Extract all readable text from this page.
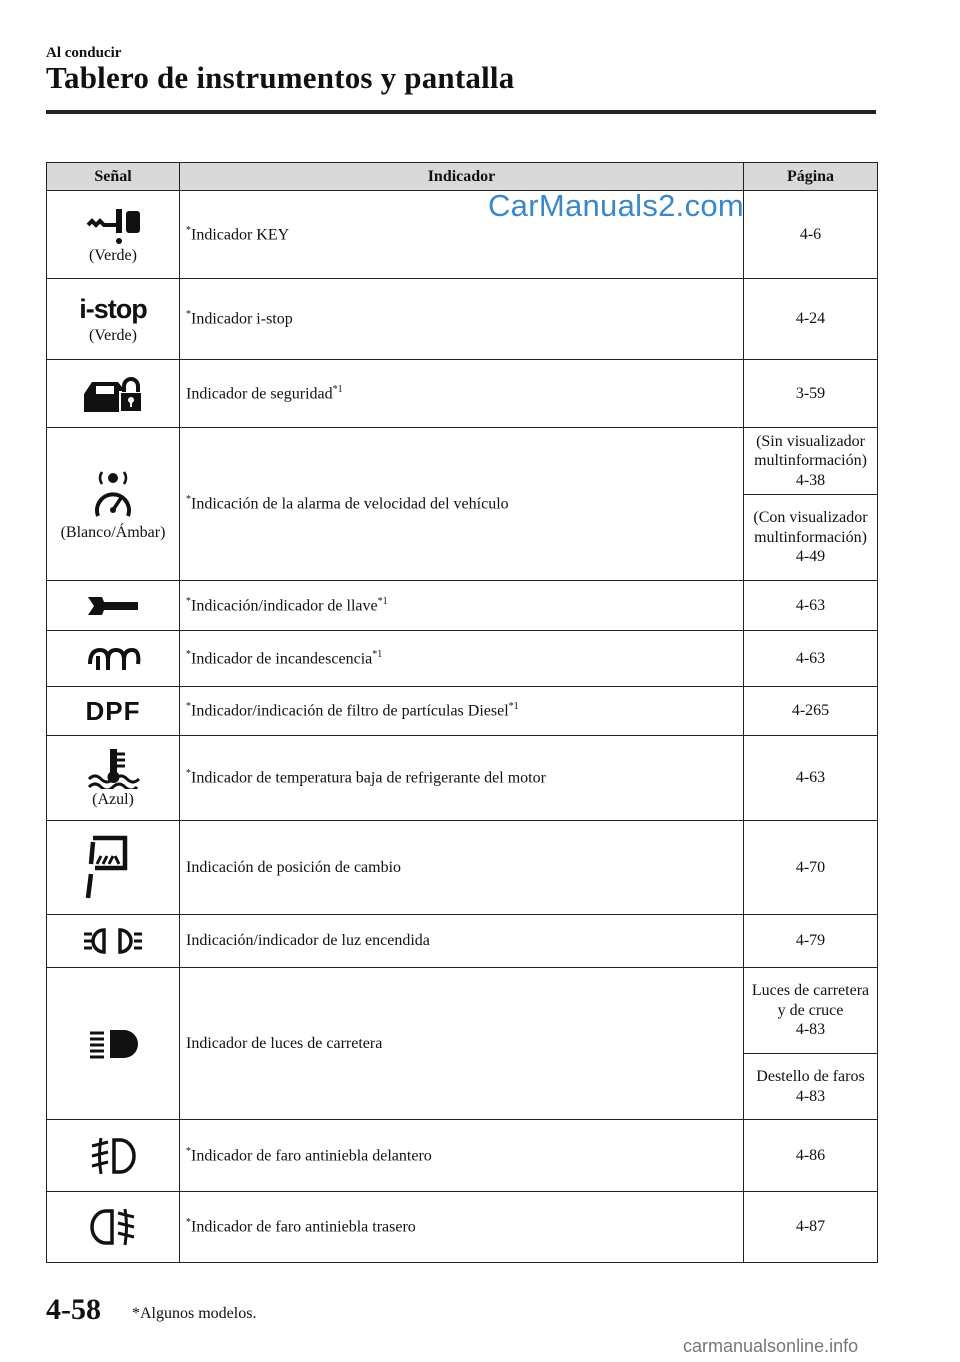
Al conducir
Tablero de instrumentos y pantalla
Señal	Indicador	Página

(Verde)	*Indicador KEY	4-6

i-stop
(Verde)	*Indicador i-stop	4-24

	Indicador de seguridad$^{*1}$	3-59

(Blanco/Ámbar)	*Indicación de la alarma de velocidad del vehículo	(Sin visualizador multinformación)
4-38
		(Con visualizador multinformación)
4-49

	*Indicación/indicador de llave$^{*1}$	4-63

	*Indicador de incandescencia$^{*1}$	4-63

DPF	*Indicador/indicación de filtro de partículas Diesel$^{*1}$	4-265

(Azul)	*Indicador de temperatura baja de refrigerante del motor	4-63

	Indicación de posición de cambio	4-70

	Indicación/indicador de luz encendida	4-79

	Indicador de luces de carretera	Luces de carretera y de cruce
4-83
		Destello de faros
4-83

	*Indicador de faro antiniebla delantero	4-86

	*Indicador de faro antiniebla trasero	4-87
CarManuals2.com
4-58 *Algunos modelos.
carmanualsonline.info
